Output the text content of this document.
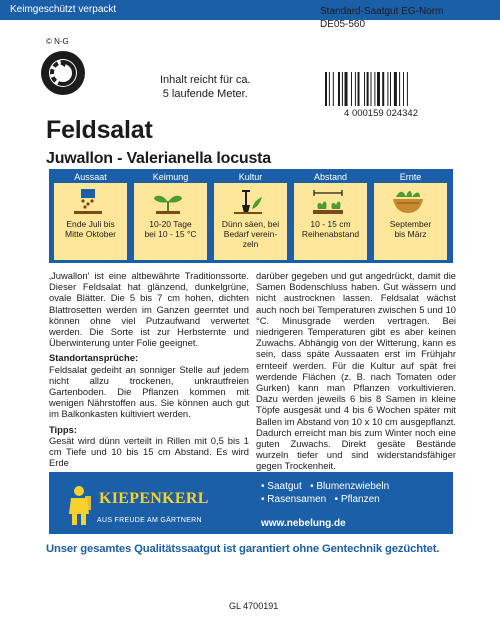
Keimgeschützt verpackt	Standard-Saatgut EG-Norm
DE05-560
© N-G
Inhalt reicht für ca.
5 laufende Meter.
4 000159 024342
Feldsalat
Juwallon - Valerianella locusta
Aussaat
Ende Juli bis
Mitte Oktober
Keimung
10-20 Tage
bei 10 - 15 °C
Kultur
Dünn säen, bei
Bedarf verein-
zeln
Abstand
10 - 15 cm
Reihenabstand
Ernte
September
bis März

‚Juwallon' ist eine altbewährte Traditionssorte. Dieser Feldsalat hat glänzend, dunkelgrüne, ovale Blätter. Die 5 bis 7 cm hohen, dichten Blattrosetten werden im Ganzen geerntet und können ohne viel Putzaufwand verwertet werden. Die Sorte ist zur Herbsternte und Überwinterung unter Folie geeignet.

Standortansprüche:

Feldsalat gedeiht an sonniger Stelle auf jedem nicht allzu trockenen, unkrautfreien Gartenboden. Die Pflanzen kommen mit wenigen Nährstoffen aus. Sie können auch gut im Balkonkasten kultiviert werden.

Tipps:

Gesät wird dünn verteilt in Rillen mit 0,5 bis 1 cm Tiefe und 10 bis 15 cm Abstand. Es wird Erde

darüber gegeben und gut angedrückt, damit die Samen Bodenschluss haben. Gut wässern und nicht austrocknen lassen. Feldsalat wächst auch noch bei Temperaturen zwischen 5 und 10 °C. Minusgrade werden vertragen. Bei niedrigeren Temperaturen gibt es aber keinen Zuwachs. Abhängig von der Witterung, kann es sein, dass späte Aussaaten erst im Frühjahr ernteeif werden. Für die Kultur auf spät frei werdende Flächen (z. B. nach Tomaten oder Gurken) kann man Pflanzen vorkultivieren. Dazu werden jeweils 6 bis 8 Samen in kleine Töpfe ausgesät und 4 bis 6 Wochen später mit Ballen im Abstand von 10 x 10 cm ausgepflanzt. Dadurch erreicht man bis zum Winter noch eine guten Zuwachs. Direkt gesäte Bestände wurzeln tiefer und sind widerstandsfähiger gegen Trockenheit.

KIEPENKERL
AUS FREUDE AM GÄRTNERN
• Saatgut • Blumenzwiebeln
• Rasensamen • Pflanzen
www.nebelung.de
Unser gesamtes Qualitätssaatgut ist garantiert ohne Gentechnik gezüchtet.
GL 4700191
